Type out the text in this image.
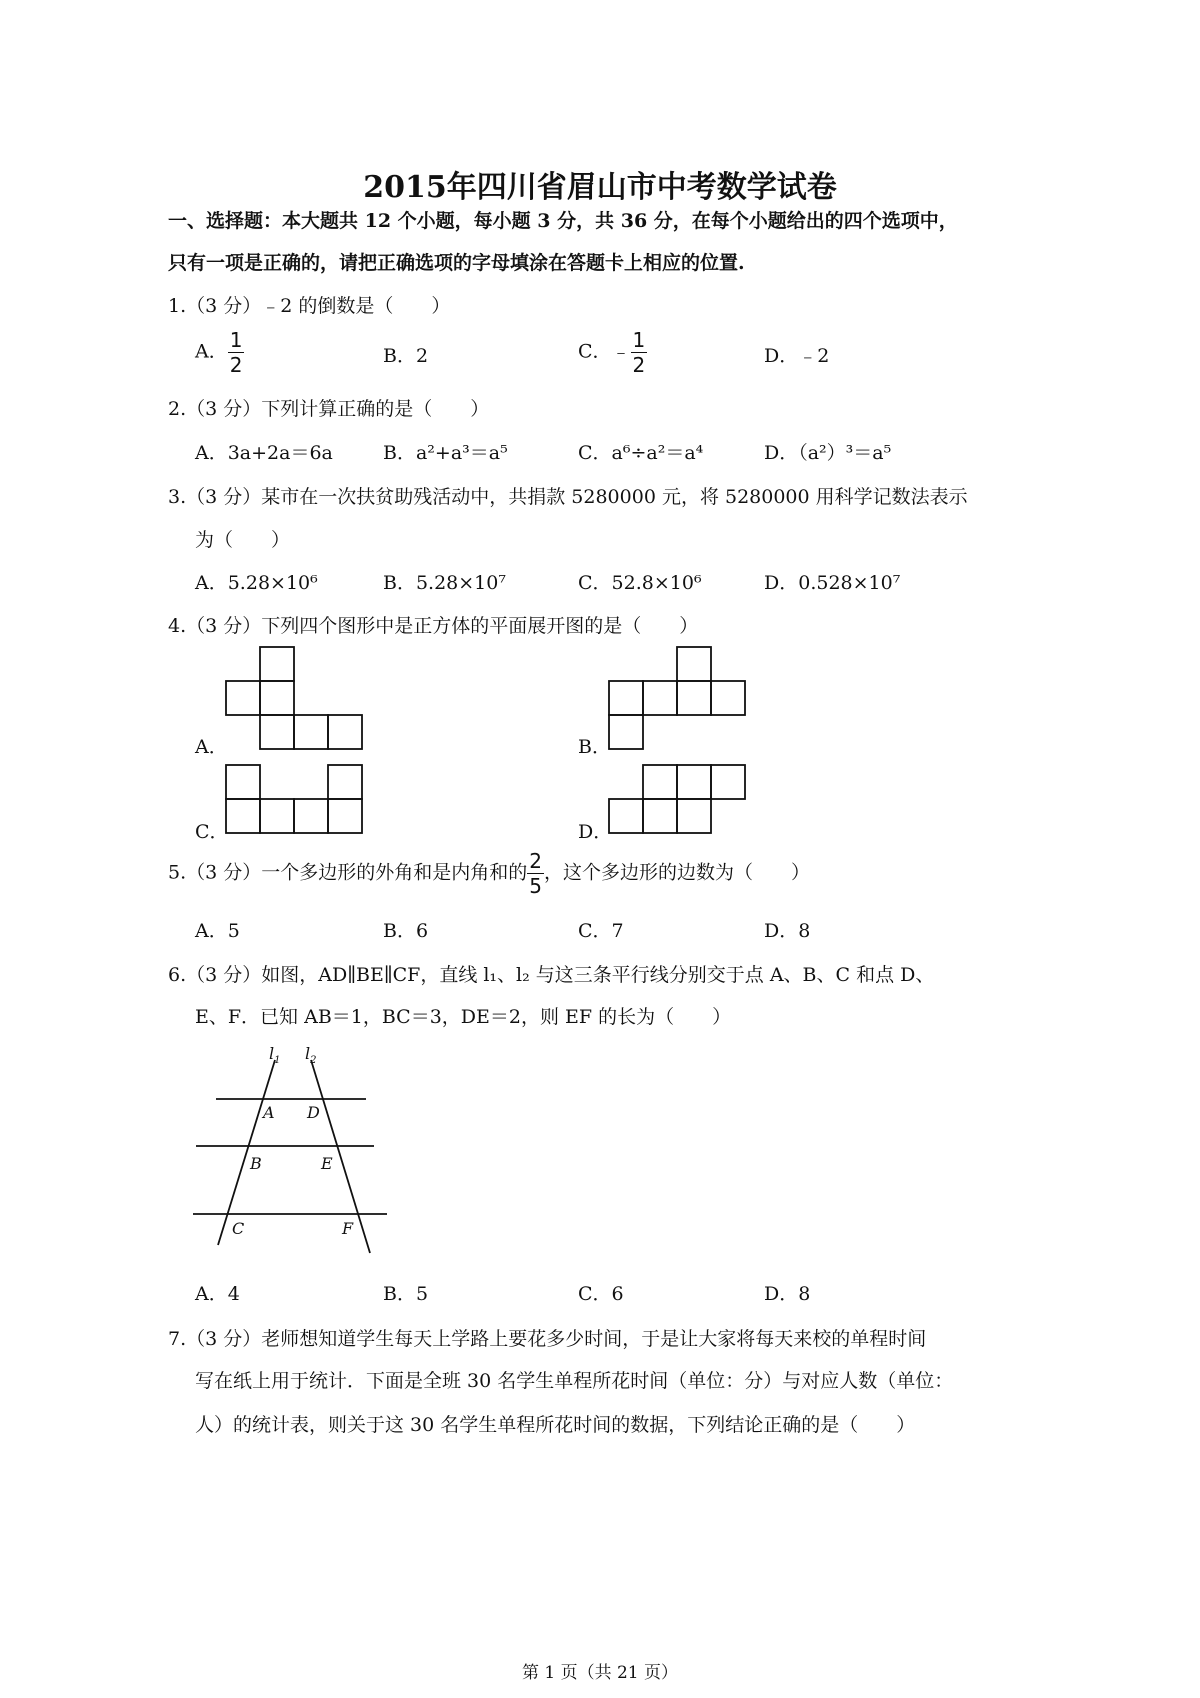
2015年四川省眉山市中考数学试卷
一、选择题：本大题共 12 个小题，每小题 3 分，共 36 分，在每个小题给出的四个选项中，
只有一项是正确的，请把正确选项的字母填涂在答题卡上相应的位置.
1.（3 分）﹣2 的倒数是（　　）
A． $\frac{1}{2}$	B．2	C．﹣ $\frac{1}{2}$	D．﹣2
2.（3 分）下列计算正确的是（　　）
A．3a+2a＝6a	B．a²+a³＝a⁵	C．a⁶÷a²＝a⁴	D．（a²）³＝a⁵
3.（3 分）某市在一次扶贫助残活动中，共捐款 5280000 元，将 5280000 用科学记数法表示
为（　　）
A．5.28×10⁶	B．5.28×10⁷	C．52.8×10⁶	D．0.528×10⁷
4.（3 分）下列四个图形中是正方体的平面展开图的是（　　）
A．	B．
C．	D．
5.（3 分）一个多边形的外角和是内角和的 $\frac{2}{5}$ ，这个多边形的边数为（　　）
A．5	B．6	C．7	D．8
6.（3 分）如图，AD∥BE∥CF，直线 l₁、l₂ 与这三条平行线分别交于点 A、B、C 和点 D、
E、F．已知 AB＝1，BC＝3，DE＝2，则 EF 的长为（　　）
$l_1$ $l_2$
A D
B	E
C	F
A．4	B．5	C．6	D．8
7.（3 分）老师想知道学生每天上学路上要花多少时间，于是让大家将每天来校的单程时间
写在纸上用于统计．下面是全班 30 名学生单程所花时间（单位：分）与对应人数（单位：
人）的统计表，则关于这 30 名学生单程所花时间的数据，下列结论正确的是（　　）
第 1 页（共 21 页）
